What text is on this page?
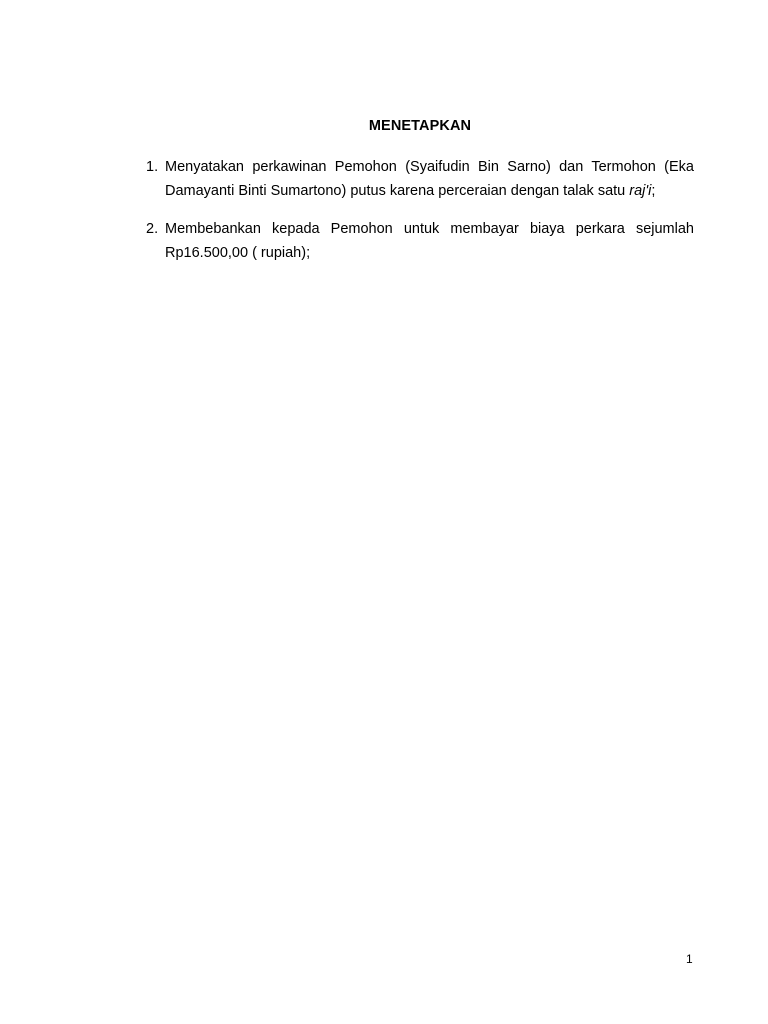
MENETAPKAN
1. Menyatakan perkawinan Pemohon (Syaifudin Bin Sarno) dan Termohon (Eka Damayanti Binti Sumartono) putus karena perceraian dengan talak satu raj'i;
2. Membebankan kepada Pemohon untuk membayar biaya perkara sejumlah Rp16.500,00 ( rupiah);
1
